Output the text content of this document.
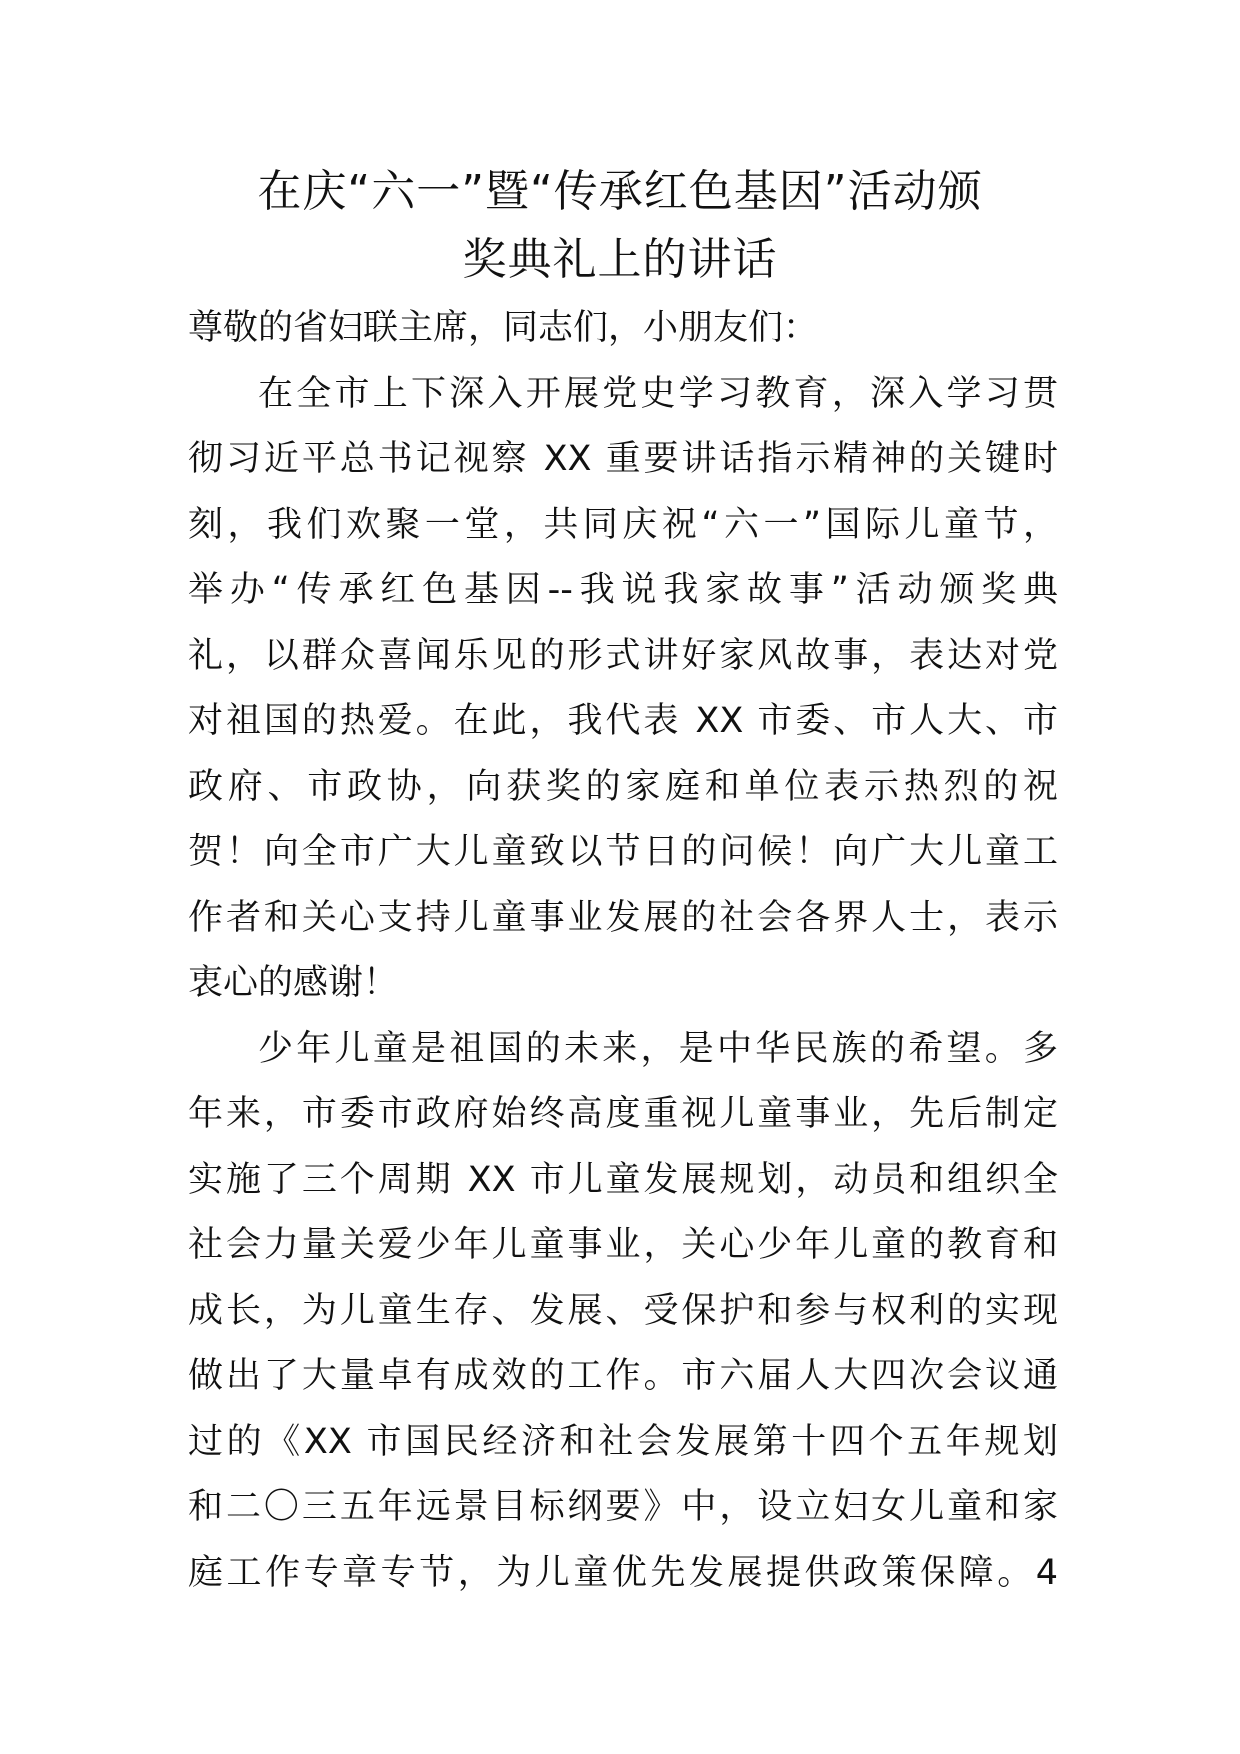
在庆“六一”暨“传承红色基因”活动颁
奖典礼上的讲话
尊敬的省妇联主席，同志们，小朋友们：
在全市上下深入开展党史学习教育，深入学习贯
彻习近平总书记视察 XX 重要讲话指示精神的关键时
刻，我们欢聚一堂，共同庆祝“六一”国际儿童节，
举办“传承红色基因--我说我家故事”活动颁奖典
礼，以群众喜闻乐见的形式讲好家风故事，表达对党
对祖国的热爱。在此，我代表 XX 市委、市人大、市
政府、市政协，向获奖的家庭和单位表示热烈的祝
贺！向全市广大儿童致以节日的问候！向广大儿童工
作者和关心支持儿童事业发展的社会各界人士，表示
衷心的感谢！
少年儿童是祖国的未来，是中华民族的希望。多
年来，市委市政府始终高度重视儿童事业，先后制定
实施了三个周期 XX 市儿童发展规划，动员和组织全
社会力量关爱少年儿童事业，关心少年儿童的教育和
成长，为儿童生存、发展、受保护和参与权利的实现
做出了大量卓有成效的工作。市六届人大四次会议通
过的《XX 市国民经济和社会发展第十四个五年规划
和二〇三五年远景目标纲要》中，设立妇女儿童和家
庭工作专章专节，为儿童优先发展提供政策保障。4
